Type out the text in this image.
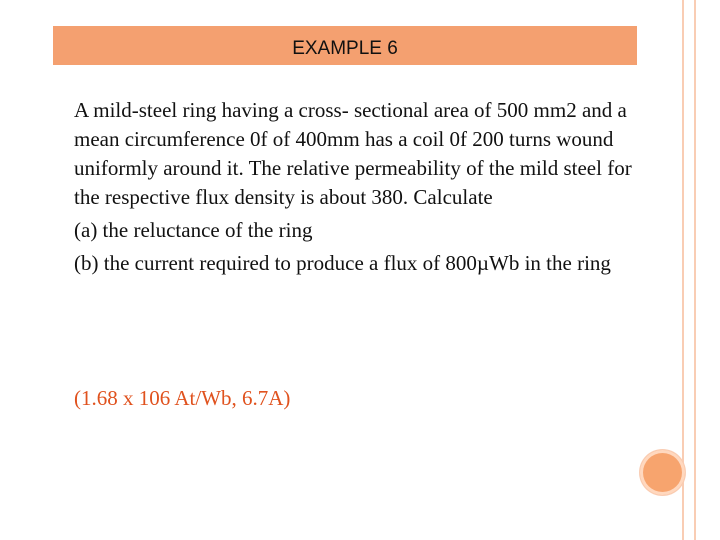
EXAMPLE 6

A mild-steel ring having a cross- sectional area of 500 mm2 and a mean circumference 0f of 400mm has a coil 0f 200 turns wound uniformly around it. The relative permeability of the mild steel for the respective flux density is about 380. Calculate

(a) the reluctance of the ring

(b) the current required to produce a flux of 800µWb in the ring

(1.68 x 106 At/Wb, 6.7A)
